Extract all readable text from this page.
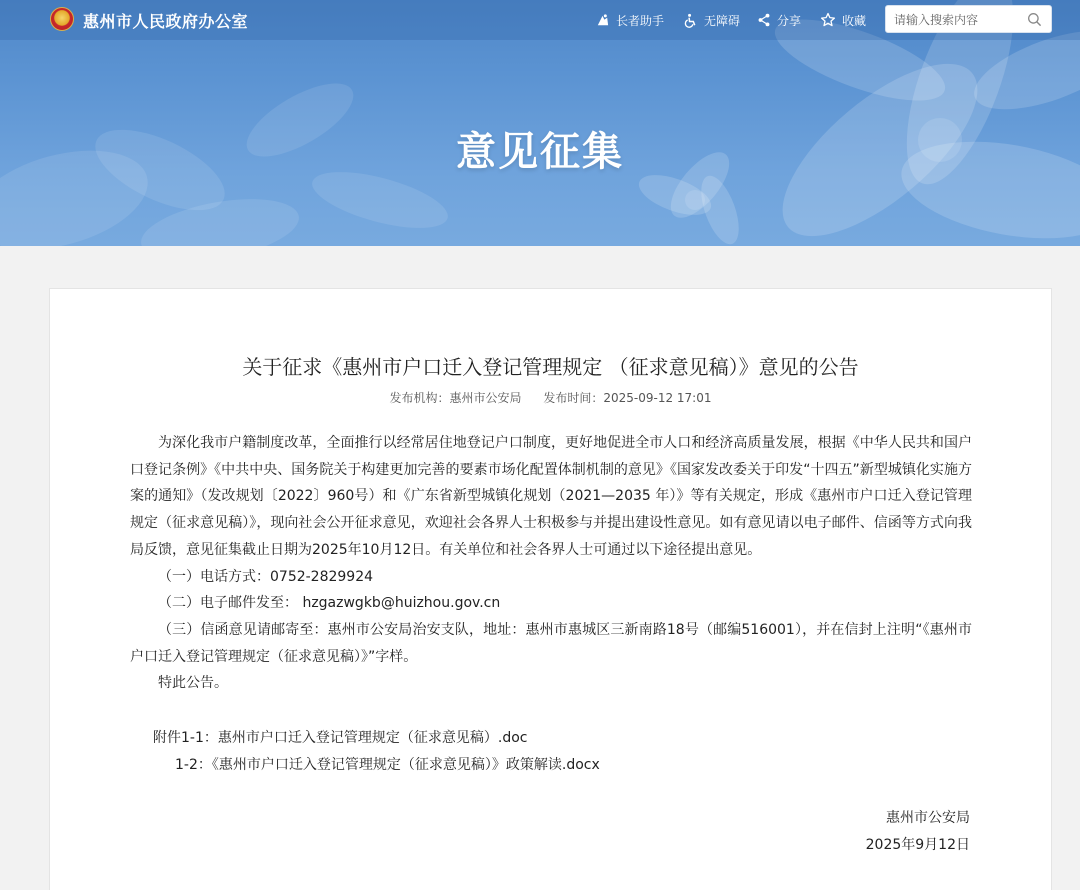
惠州市人民政府办公室	长者助手	无障碍	分享	收藏
请输入搜索内容
意见征集
关于征求《惠州市户口迁入登记管理规定 （征求意见稿）》意见的公告
发布机构：惠州市公安局 发布时间：2025-09-12 17:01

为深化我市户籍制度改革，全面推行以经常居住地登记户口制度，更好地促进全市人口和经济高质量发展，根据《中华人民共和国户口登记条例》《中共中央、国务院关于构建更加完善的要素市场化配置体制机制的意见》《国家发改委关于印发“十四五”新型城镇化实施方案的通知》（发改规划〔2022〕960号）和《广东省新型城镇化规划（2021—2035 年）》等有关规定，形成《惠州市户口迁入登记管理规定（征求意见稿）》，现向社会公开征求意见，欢迎社会各界人士积极参与并提出建设性意见。如有意见请以电子邮件、信函等方式向我局反馈，意见征集截止日期为2025年10月12日。有关单位和社会各界人士可通过以下途径提出意见。

（一）电话方式：0752-2829924

（二）电子邮件发至： hzgazwgkb@huizhou.gov.cn

（三）信函意见请邮寄至：惠州市公安局治安支队，地址：惠州市惠城区三新南路18号（邮编516001），并在信封上注明“《惠州市户口迁入登记管理规定（征求意见稿）》”字样。

特此公告。

附件1-1：惠州市户口迁入登记管理规定（征求意见稿）.doc
1-2：《惠州市户口迁入登记管理规定（征求意见稿）》政策解读.docx
惠州市公安局
2025年9月12日
